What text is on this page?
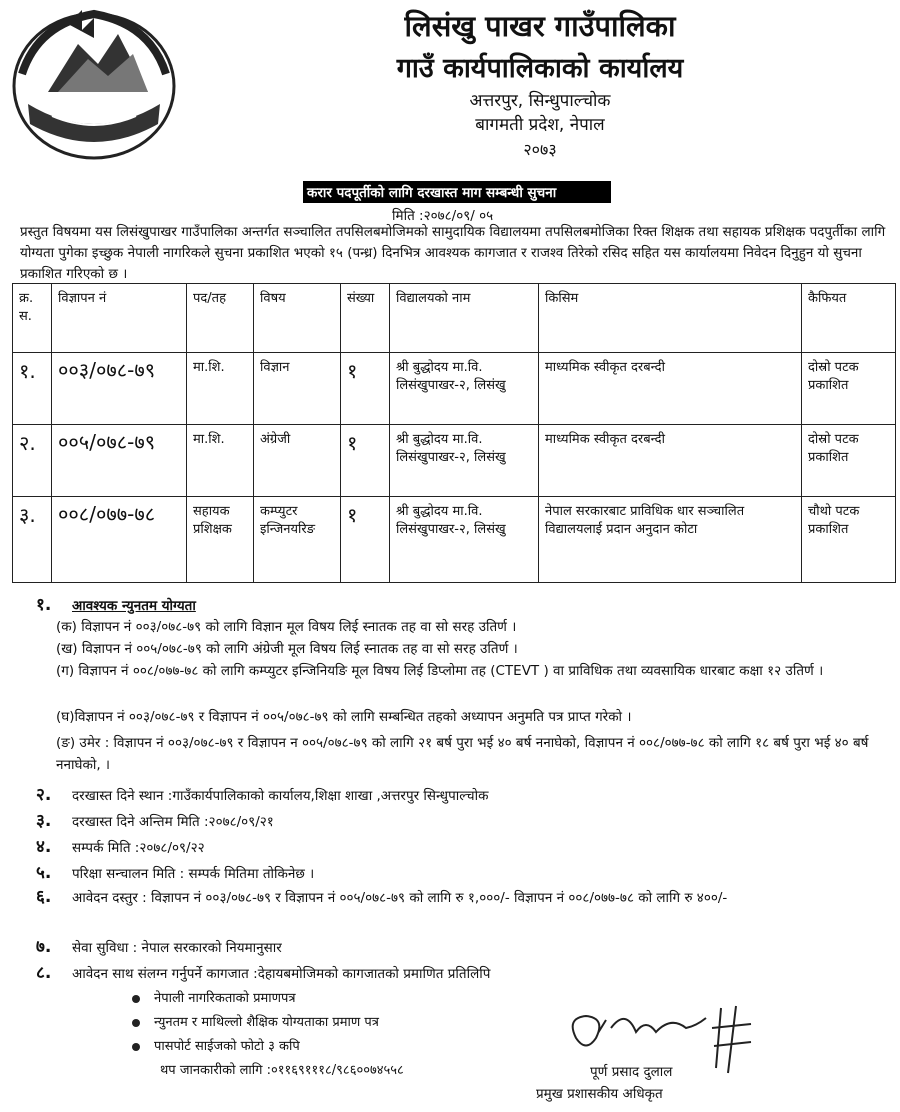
लिसंखु पाखर गाउँपालिका
गाउँ कार्यपालिकाको कार्यालय
अत्तरपुर, सिन्धुपाल्चोक
बागमती प्रदेश, नेपाल
२०७३
करार पदपूर्तीको लागि दरखास्त माग सम्बन्धी सुचना
मिति :२०७८/०९/ ०५
प्रस्तुत विषयमा यस लिसंखुपाखर गाउँपालिका अन्तर्गत सञ्चालित तपसिलबमोजिमको सामुदायिक विद्यालयमा तपसिलबमोजिका रिक्त शिक्षक तथा सहायक प्रशिक्षक पदपुर्तीका लागि योग्यता पुगेका इच्छुक नेपाली नागरिकले सुचना प्रकाशित भएको १५ (पन्ध्र) दिनभित्र आवश्यक कागजात र राजश्व तिरेको रसिद सहित यस कार्यालयमा निवेदन दिनुहुन यो सुचना प्रकाशित गरिएको छ ।
क्र. स.	विज्ञापन नं	पद/तह	विषय	संख्या	विद्यालयको नाम	किसिम	कैफियत
१.	००३/०७८-७९	मा.शि.	विज्ञान	१	श्री बुद्धोदय मा.वि. लिसंखुपाखर-२, लिसंखु	माध्यमिक स्वीकृत दरबन्दी	दोस्रो पटक प्रकाशित
२.	००५/०७८-७९	मा.शि.	अंग्रेजी	१	श्री बुद्धोदय मा.वि. लिसंखुपाखर-२, लिसंखु	माध्यमिक स्वीकृत दरबन्दी	दोस्रो पटक प्रकाशित
३.	००८/०७७-७८	सहायक प्रशिक्षक	कम्प्युटर इन्जिनयरिङ	१	श्री बुद्धोदय मा.वि. लिसंखुपाखर-२, लिसंखु	नेपाल सरकारबाट प्राविधिक धार सञ्चालित विद्यालयलाई प्रदान अनुदान कोटा	चौथो पटक प्रकाशित
१. आवश्यक न्युनतम योग्यता
(क) विज्ञापन नं ००३/०७८-७९ को लागि विज्ञान मूल विषय लिई स्नातक तह वा सो सरह उतिर्ण ।
(ख) विज्ञापन नं ००५/०७८-७९ को लागि अंग्रेजी मूल विषय लिई स्नातक तह वा सो सरह उतिर्ण ।
(ग) विज्ञापन नं ००८/०७७-७८ को लागि कम्प्युटर इन्जिनियङि मूल विषय लिई डिप्लोमा तह (CTEVT ) वा प्राविधिक तथा व्यवसायिक धारबाट कक्षा १२ उतिर्ण ।
(घ)विज्ञापन नं ००३/०७८-७९ र विज्ञापन नं ००५/०७८-७९ को लागि सम्बन्धित तहको अध्यापन अनुमति पत्र प्राप्त गरेको ।
(ङ) उमेर : विज्ञापन नं ००३/०७८-७९ र विज्ञापन न ००५/०७८-७९ को लागि २१ बर्ष पुरा भई ४० बर्ष ननाघेको, विज्ञापन नं ००८/०७७-७८ को लागि १८ बर्ष पुरा भई ४० बर्ष ननाघेको, ।
२. दरखास्त दिने स्थान :गाउँकार्यपालिकाको कार्यालय,शिक्षा शाखा ,अत्तरपुर सिन्धुपाल्चोक
३. दरखास्त दिने अन्तिम मिति :२०७८/०९/२१
४. सम्पर्क मिति :२०७८/०९/२२
५. परिक्षा सन्चालन मिति : सम्पर्क मितिमा तोकिनेछ ।
६. आवेदन दस्तुर : विज्ञापन नं ००३/०७८-७९ र विज्ञापन नं ००५/०७८-७९ को लागि रु १,०००/- विज्ञापन नं ००८/०७७-७८ को लागि रु ४००/-
७. सेवा सुविधा : नेपाल सरकारको नियमानुसार
८. आवेदन साथ संलग्न गर्नुपर्ने कागजात :देहायबमोजिमको कागजातको प्रमाणित प्रतिलिपि
नेपाली नागरिकताको प्रमाणपत्र
न्युनतम र माथिल्लो शैक्षिक योग्यताका प्रमाण पत्र
पासपोर्ट साईजको फोटो ३ कपि
थप जानकारीको लागि :०११६९१११८/९८६००७४५५८	पूर्ण प्रसाद दुलाल
प्रमुख प्रशासकीय अधिकृत
